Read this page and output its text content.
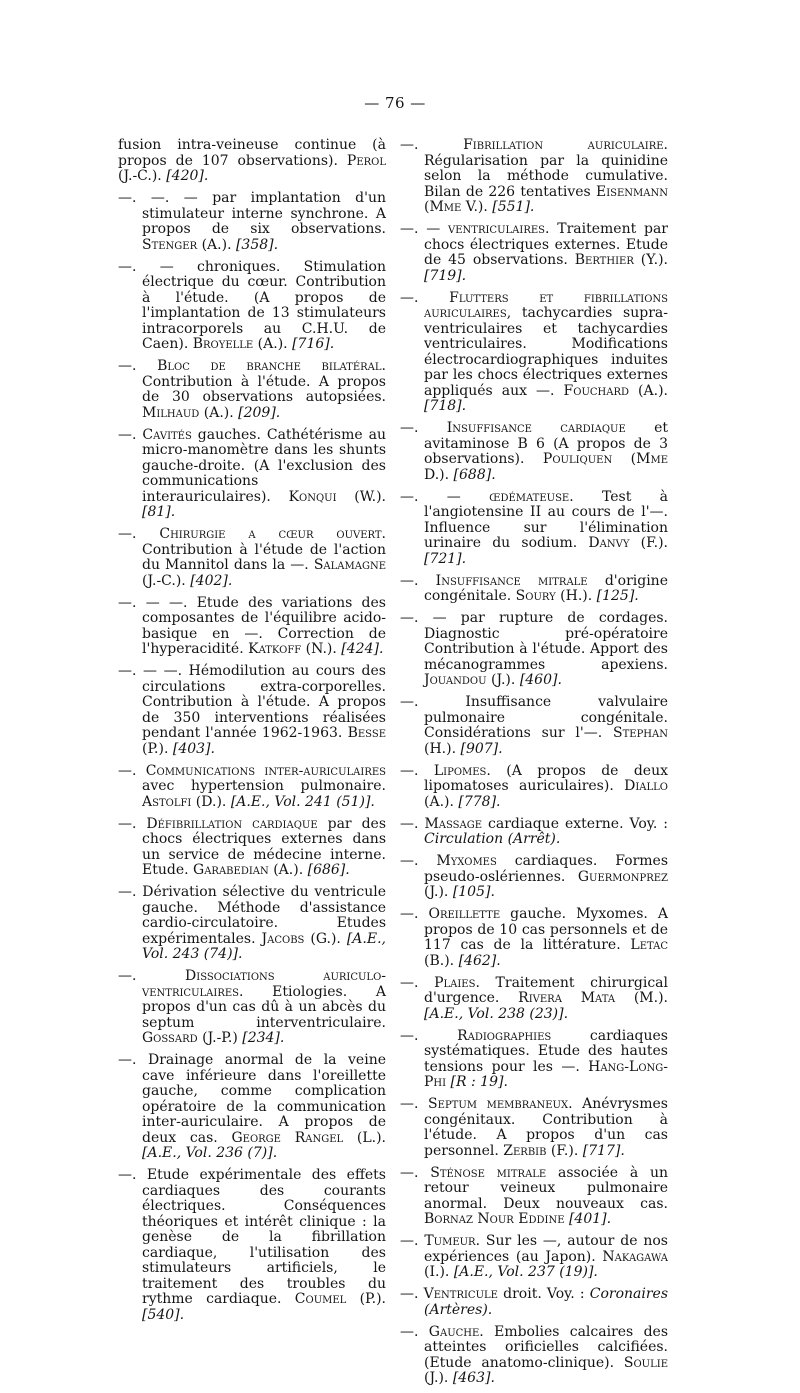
— 76 —

fusion intra-veineuse continue (à propos de 107 observations). Perol (J.-C.). [420].

—. —. — par implantation d'un stimulateur interne synchrone. A propos de six observations. Stenger (A.). [358].

—. — chroniques. Stimulation électrique du cœur. Contribution à l'étude. (A propos de l'implantation de 13 stimulateurs intracorporels au C.H.U. de Caen). Broyelle (A.). [716].

—. Bloc de branche bilatéral. Contribution à l'étude. A propos de 30 observations autopsiées. Milhaud (A.). [209].

—. Cavités gauches. Cathétérisme au micro-manomètre dans les shunts gauche-droite. (A l'exclusion des communications interauriculaires). Konqui (W.). [81].

—. Chirurgie a cœur ouvert. Contribution à l'étude de l'action du Mannitol dans la —. Salamagne (J.-C.). [402].

—. — —. Etude des variations des composantes de l'équilibre acido-basique en —. Correction de l'hyperacidité. Katkoff (N.). [424].

—. — —. Hémodilution au cours des circulations extra-corporelles. Contribution à l'étude. A propos de 350 interventions réalisées pendant l'année 1962-1963. Besse (P.). [403].

—. Communications inter-auriculaires avec hypertension pulmonaire. Astolfi (D.). [A.E., Vol. 241 (51)].

—. Défibrillation cardiaque par des chocs électriques externes dans un service de médecine interne. Etude. Garabedian (A.). [686].

—. Dérivation sélective du ventricule gauche. Méthode d'assistance cardio-circulatoire. Etudes expérimentales. Jacobs (G.). [A.E., Vol. 243 (74)].

—. Dissociations auriculo-ventriculaires. Etiologies. A propos d'un cas dû à un abcès du septum interventriculaire. Gossard (J.-P.) [234].

—. Drainage anormal de la veine cave inférieure dans l'oreillette gauche, comme complication opératoire de la communication inter-auriculaire. A propos de deux cas. George Rangel (L.). [A.E., Vol. 236 (7)].

—. Etude expérimentale des effets cardiaques des courants électriques. Conséquences théoriques et intérêt clinique : la genèse de la fibrillation cardiaque, l'utilisation des stimulateurs artificiels, le traitement des troubles du rythme cardiaque. Coumel (P.). [540].

—. Fibrillation auriculaire. Régularisation par la quinidine selon la méthode cumulative. Bilan de 226 tentatives Eisenmann (Mme V.). [551].

—. — ventriculaires. Traitement par chocs électriques externes. Etude de 45 observations. Berthier (Y.). [719].

—. Flutters et fibrillations auriculaires, tachycardies supra-ventriculaires et tachycardies ventriculaires. Modifications électrocardiographiques induites par les chocs électriques externes appliqués aux —. Fouchard (A.). [718].

—. Insuffisance cardiaque et avitaminose B 6 (A propos de 3 observations). Pouliquen (Mme D.). [688].

—. — œdémateuse. Test à l'angiotensine II au cours de l'—. Influence sur l'élimination urinaire du sodium. Danvy (F.). [721].

—. Insuffisance mitrale d'origine congénitale. Soury (H.). [125].

—. — par rupture de cordages. Diagnostic pré-opératoire Contribution à l'étude. Apport des mécanogrammes apexiens. Jouandou (J.). [460].

—. Insuffisance valvulaire pulmonaire congénitale. Considérations sur l'—. Stephan (H.). [907].

—. Lipomes. (A propos de deux lipomatoses auriculaires). Diallo (A.). [778].

—. Massage cardiaque externe. Voy. : Circulation (Arrêt).

—. Myxomes cardiaques. Formes pseudo-oslériennes. Guermonprez (J.). [105].

—. Oreillette gauche. Myxomes. A propos de 10 cas personnels et de 117 cas de la littérature. Letac (B.). [462].

—. Plaies. Traitement chirurgical d'urgence. Rivera Mata (M.). [A.E., Vol. 238 (23)].

—. Radiographies cardiaques systématiques. Etude des hautes tensions pour les —. Hang-Long-Phi [R : 19].

—. Septum membraneux. Anévrysmes congénitaux. Contribution à l'étude. A propos d'un cas personnel. Zerbib (F.). [717].

—. Sténose mitrale associée à un retour veineux pulmonaire anormal. Deux nouveaux cas. Bornaz Nour Eddine [401].

—. Tumeur. Sur les —, autour de nos expériences (au Japon). Nakagawa (I.). [A.E., Vol. 237 (19)].

—. Ventricule droit. Voy. : Coronaires (Artères).

—. Gauche. Embolies calcaires des atteintes orificielles calcifiées. (Etude anatomo-clinique). Soulie (J.). [463].
